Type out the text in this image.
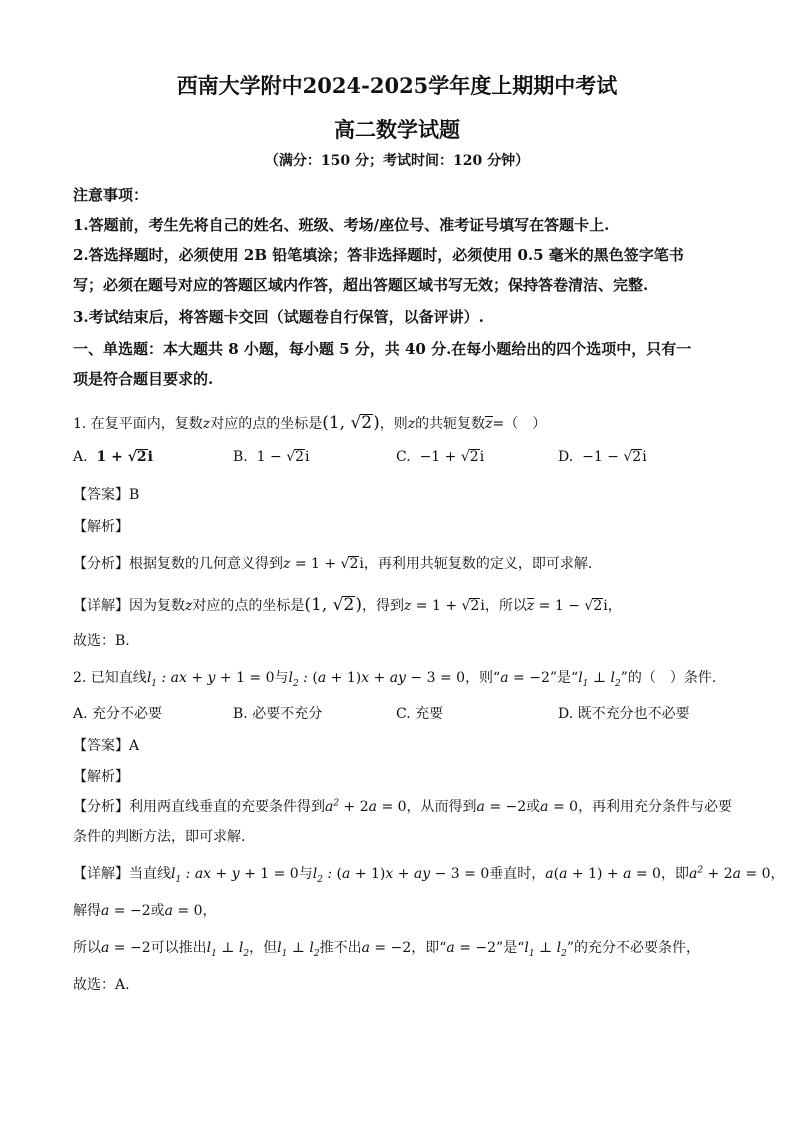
西南大学附中2024-2025学年度上期期中考试
高二数学试题
（满分：150 分；考试时间：120 分钟）
注意事项：
1.答题前，考生先将自己的姓名、班级、考场/座位号、准考证号填写在答题卡上.
2.答选择题时，必须使用 2B 铅笔填涂；答非选择题时，必须使用 0.5 毫米的黑色签字笔书
写；必须在题号对应的答题区域内作答，超出答题区域书写无效；保持答卷清洁、完整.
3.考试结束后，将答题卡交回（试题卷自行保管，以备评讲）.
一、单选题：本大题共 8 小题，每小题 5 分，共 40 分.在每小题给出的四个选项中，只有一
项是符合题目要求的.
1. 在复平面内，复数z对应的点的坐标是(1, √2)，则z的共轭复数z=（　）
A. 1 + √2i	B. 1 − √2i	C. −1 + √2i	D. −1 − √2i
【答案】B
【解析】
【分析】根据复数的几何意义得到z = 1 + √2i，再利用共轭复数的定义，即可求解.
【详解】因为复数z对应的点的坐标是(1, √2)，得到z = 1 + √2i，所以z = 1 − √2i，
故选：B.
2. 已知直线$l_1$ : ax + y + 1 = 0与$l_2$ : (a + 1)x + ay − 3 = 0，则“a = −2”是“$l_1$ ⊥ $l_2$”的（　）条件.
A. 充分不必要	B. 必要不充分	C. 充要	D. 既不充分也不必要
【答案】A
【解析】
【分析】利用两直线垂直的充要条件得到$a^2 + 2a = 0$，从而得到a = −2或a = 0，再利用充分条件与必要
条件的判断方法，即可求解.
【详解】当直线$l_1$ : ax + y + 1 = 0与$l_2$ : (a + 1)x + ay − 3 = 0垂直时，a(a + 1) + a = 0，即$a^2 + 2a = 0$，
解得a = −2或a = 0，
所以a = −2可以推出$l_1$ ⊥ $l_2$，但$l_1$ ⊥ $l_2$推不出a = −2，即“a = −2”是“$l_1$ ⊥ $l_2$”的充分不必要条件，
故选：A.
